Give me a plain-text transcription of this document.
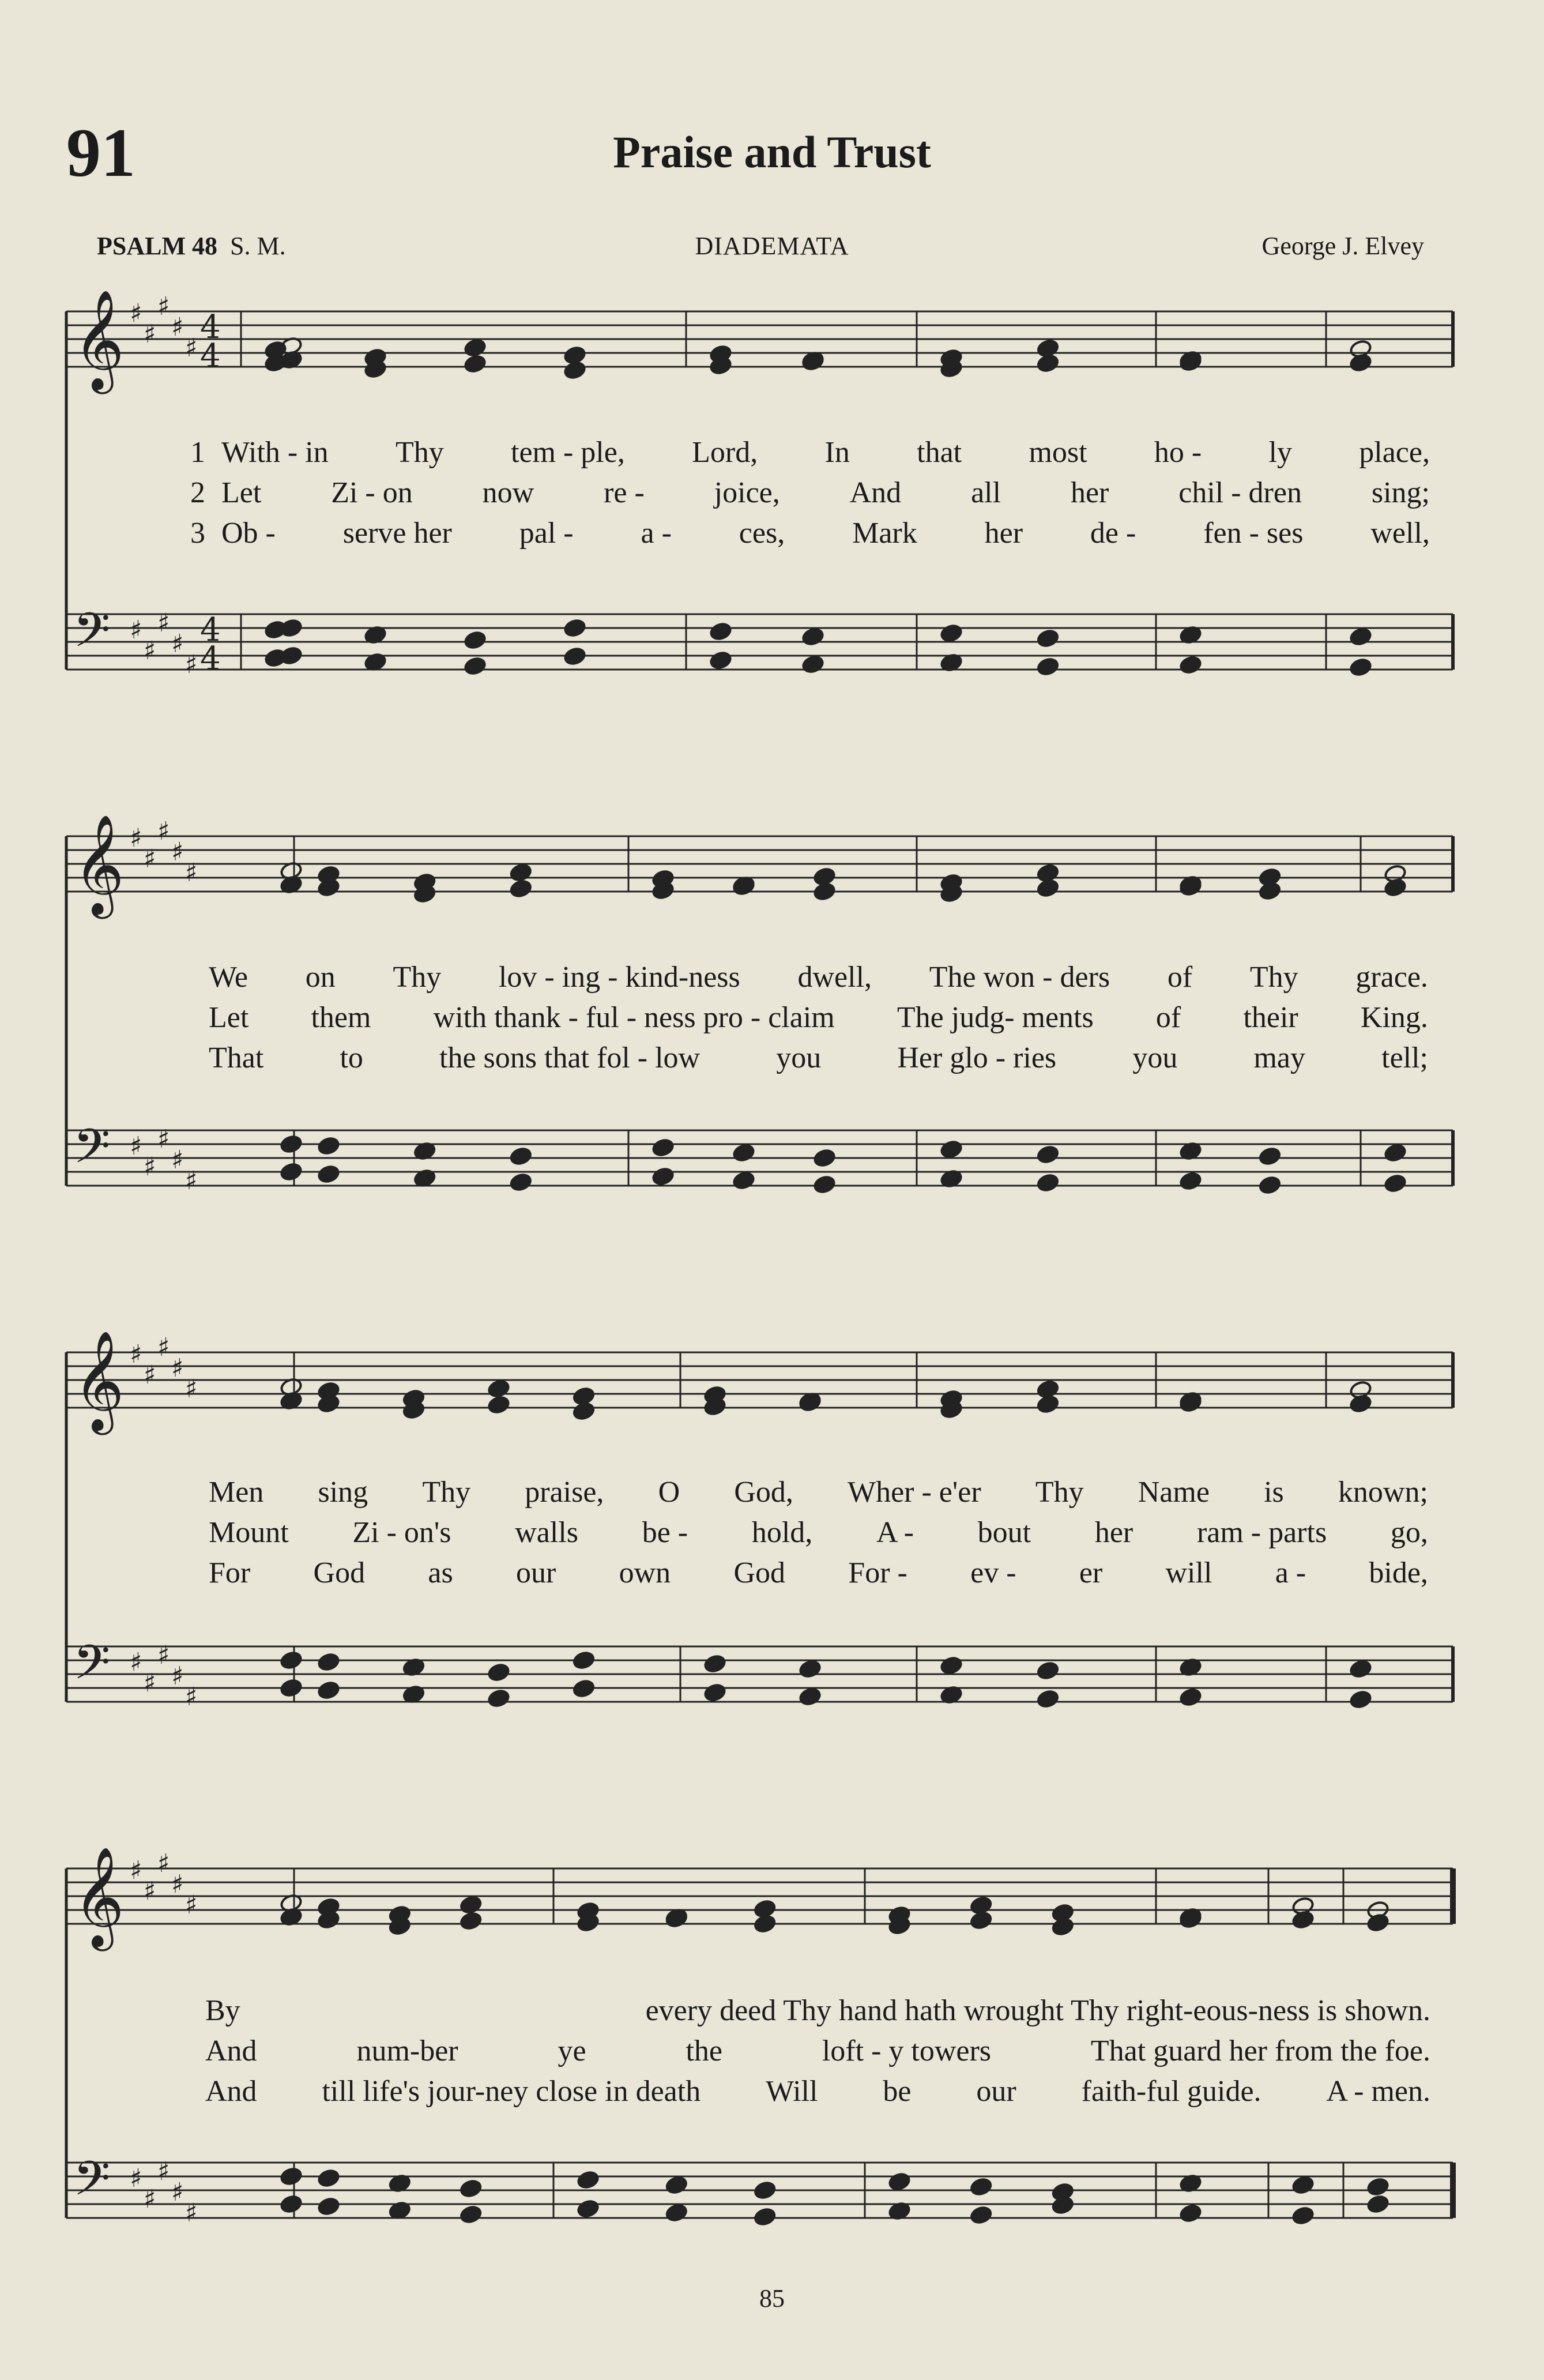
91	Praise and Trust
PSALM 48 S. M.	DIADEMATA	George J. Elvey
𝄞 ♯
♯
♯
♯
♯
4
4
𝄢 ♯
♯
♯
♯
♯
4
4
𝄞 ♯
♯
♯
♯
♯
𝄢 ♯
♯
♯
♯
♯
𝄞 ♯
♯
♯
♯
♯
𝄢 ♯
♯
♯
♯
♯
𝄞 ♯
♯
♯
♯
♯
𝄢 ♯
♯
♯
♯
♯
1 With - in Thy tem - ple, Lord, In that most ho - ly place,
2 Let Zi - on now re - joice, And all her chil - dren sing;
3 Ob - serve her pal - a - ces, Mark her de - fen - ses well,
We on Thy lov - ing - kind-ness dwell, The won - ders of Thy grace.
Let them with thank - ful - ness pro - claim The judg- ments of their King.
That	to	the sons that fol - low	you	Her glo - ries	you	may	tell;
Men sing Thy praise, O God, Wher - e'er Thy Name is known;
Mount Zi - on's walls be - hold, A - bout her ram - parts go,
For God as our own God For - ev - er will a - bide,
By	every deed Thy hand hath wrought Thy right-eous-ness is shown.
And	num-ber	ye	the	loft - y towers	That guard her from the foe.
And till life's jour-ney close in death Will be our faith-ful guide. A - men.
85
